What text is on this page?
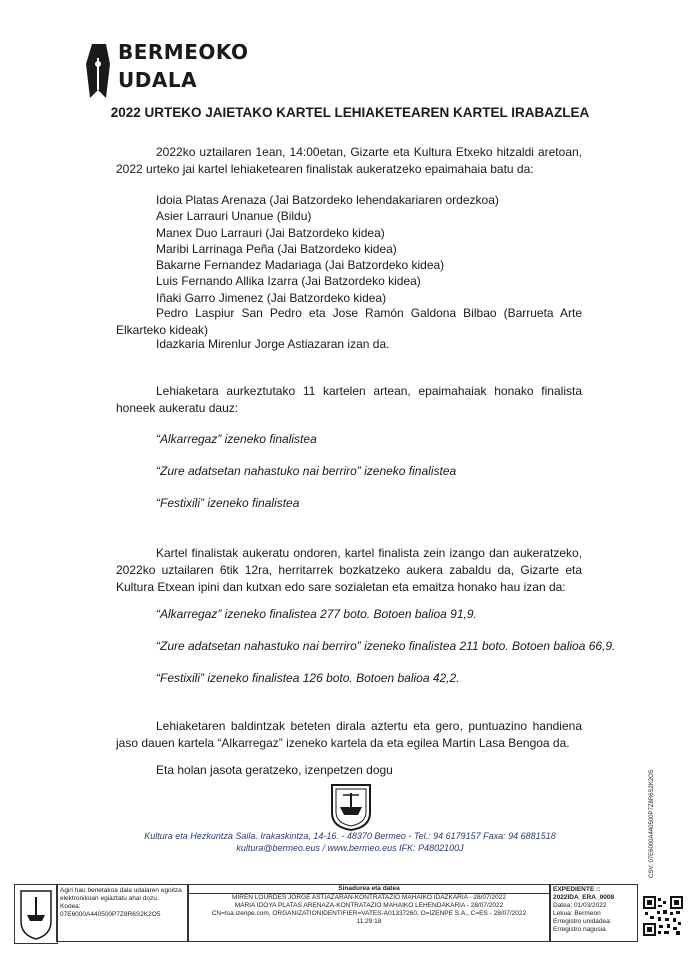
BERMEOKO
UDALA
2022 URTEKO JAIETAKO KARTEL LEHIAKETEAREN KARTEL IRABAZLEA
2022ko uztailaren 1ean, 14:00etan, Gizarte eta Kultura Etxeko hitzaldi aretoan, 2022 urteko jai kartel lehiaketearen finalistak aukeratzeko epaimahaia batu da:
Idoia Platas Arenaza (Jai Batzordeko lehendakariaren ordezkoa)
Asier Larrauri Unanue (Bildu)
Manex Duo Larrauri (Jai Batzordeko kidea)
Maribi Larrinaga Peña (Jai Batzordeko kidea)
Bakarne Fernandez Madariaga (Jai Batzordeko kidea)
Luis Fernando Allika Izarra (Jai Batzordeko kidea)
Iñaki Garro Jimenez (Jai Batzordeko kidea)
Pedro Laspiur San Pedro eta Jose Ramón Galdona Bilbao (Barrueta Arte Elkarteko kideak)
Idazkaria Mirenlur Jorge Astiazaran izan da.
Lehiaketara aurkeztutako 11 kartelen artean, epaimahaiak honako finalista honeek aukeratu dauz:
“Alkarregaz” izeneko finalistea
“Zure adatsetan nahastuko nai berriro” izeneko finalistea
“Festixili” izeneko finalistea
Kartel finalistak aukeratu ondoren, kartel finalista zein izango dan aukeratzeko, 2022ko uztailaren 6tik 12ra, herritarrek bozkatzeko aukera zabaldu da, Gizarte eta Kultura Etxean ipini dan kutxan edo sare sozialetan eta emaitza honako hau izan da:
“Alkarregaz” izeneko finalistea 277 boto. Botoen balioa 91,9.
“Zure adatsetan nahastuko nai berriro” izeneko finalistea 211 boto. Botoen balioa 66,9.
“Festixili” izeneko finalistea 126 boto. Botoen balioa 42,2.
Lehiaketaren baldintzak beteten dirala aztertu eta gero, puntuazino handiena jaso dauen kartela “Alkarregaz” izeneko kartela da eta egilea Martin Lasa Bengoa da.
Eta holan jasota geratzeko, izenpetzen dogu
Kultura eta Hezkuntza Saila. Irakaskintza, 14-16. - 48370 Bermeo - Tel.: 94 6179157 Faxa: 94 6881518
kultura@bermeo.eus / www.bermeo.eus IFK: P4802100J	CSV: 07E6000A440500P7Z8R6S2K2O5
Agiri hau benetakoa dala udalaren egoitza elektronikoan egiaztatu ahal dozu.
Kodea:
07E6000A440500P7Z8R6S2K2O5
Sinadurea eta datea
MIREN LOURDES JORGE ASTIAZARAN-KONTRATAZIO MAHAIKO IDAZKARIA - 28/07/2022
MARIA IDOYA PLATAS ARENAZA-KONTRATAZIO MAHAIKO LEHENDAKARIA - 28/07/2022
CN=tsa.izenpe.com, ORGANIZATIONIDENTIFIER=VATES-A01337260, O=IZENPE S.A., C=ES - 28/07/2022
11:29:18
EXPEDIENTE ::
2022IDA_ERA_0008
Datea: 01/03/2022
Lekua: Bermeon
Erregistro unidadea: Erregistro nagusia
